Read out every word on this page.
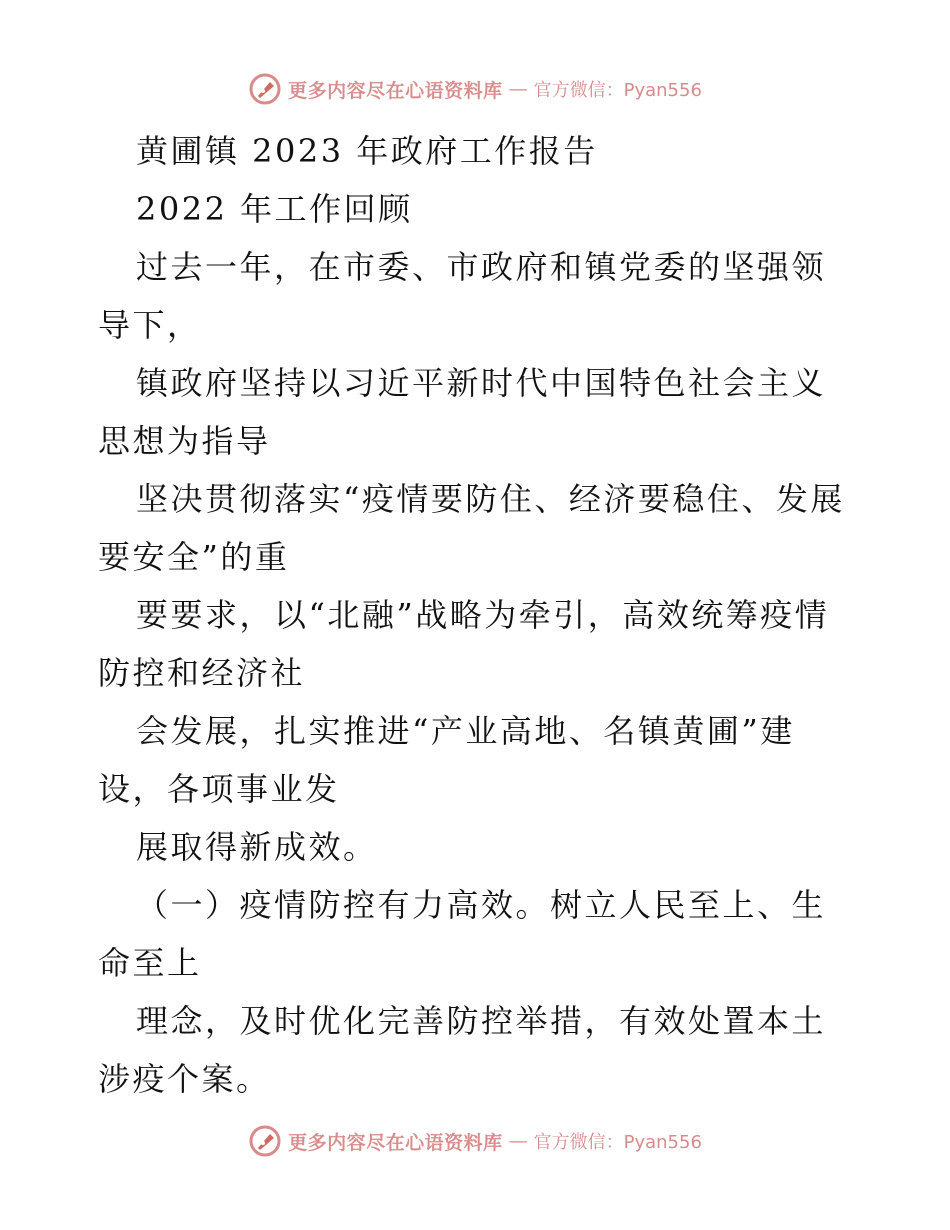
更多内容尽在心语资料库 — 官方微信：Pyan556

黄圃镇 2023 年政府工作报告

2022 年工作回顾

过去一年，在市委、市政府和镇党委的坚强领导下，

镇政府坚持以习近平新时代中国特色社会主义思想为指导

坚决贯彻落实“疫情要防住、经济要稳住、发展要安全”的重

要要求，以“北融”战略为牵引，高效统筹疫情防控和经济社

会发展，扎实推进“产业高地、名镇黄圃”建设，各项事业发

展取得新成效。

（一）疫情防控有力高效。树立人民至上、生命至上

理念，及时优化完善防控举措，有效处置本土涉疫个案。

更多内容尽在心语资料库 — 官方微信：Pyan556
